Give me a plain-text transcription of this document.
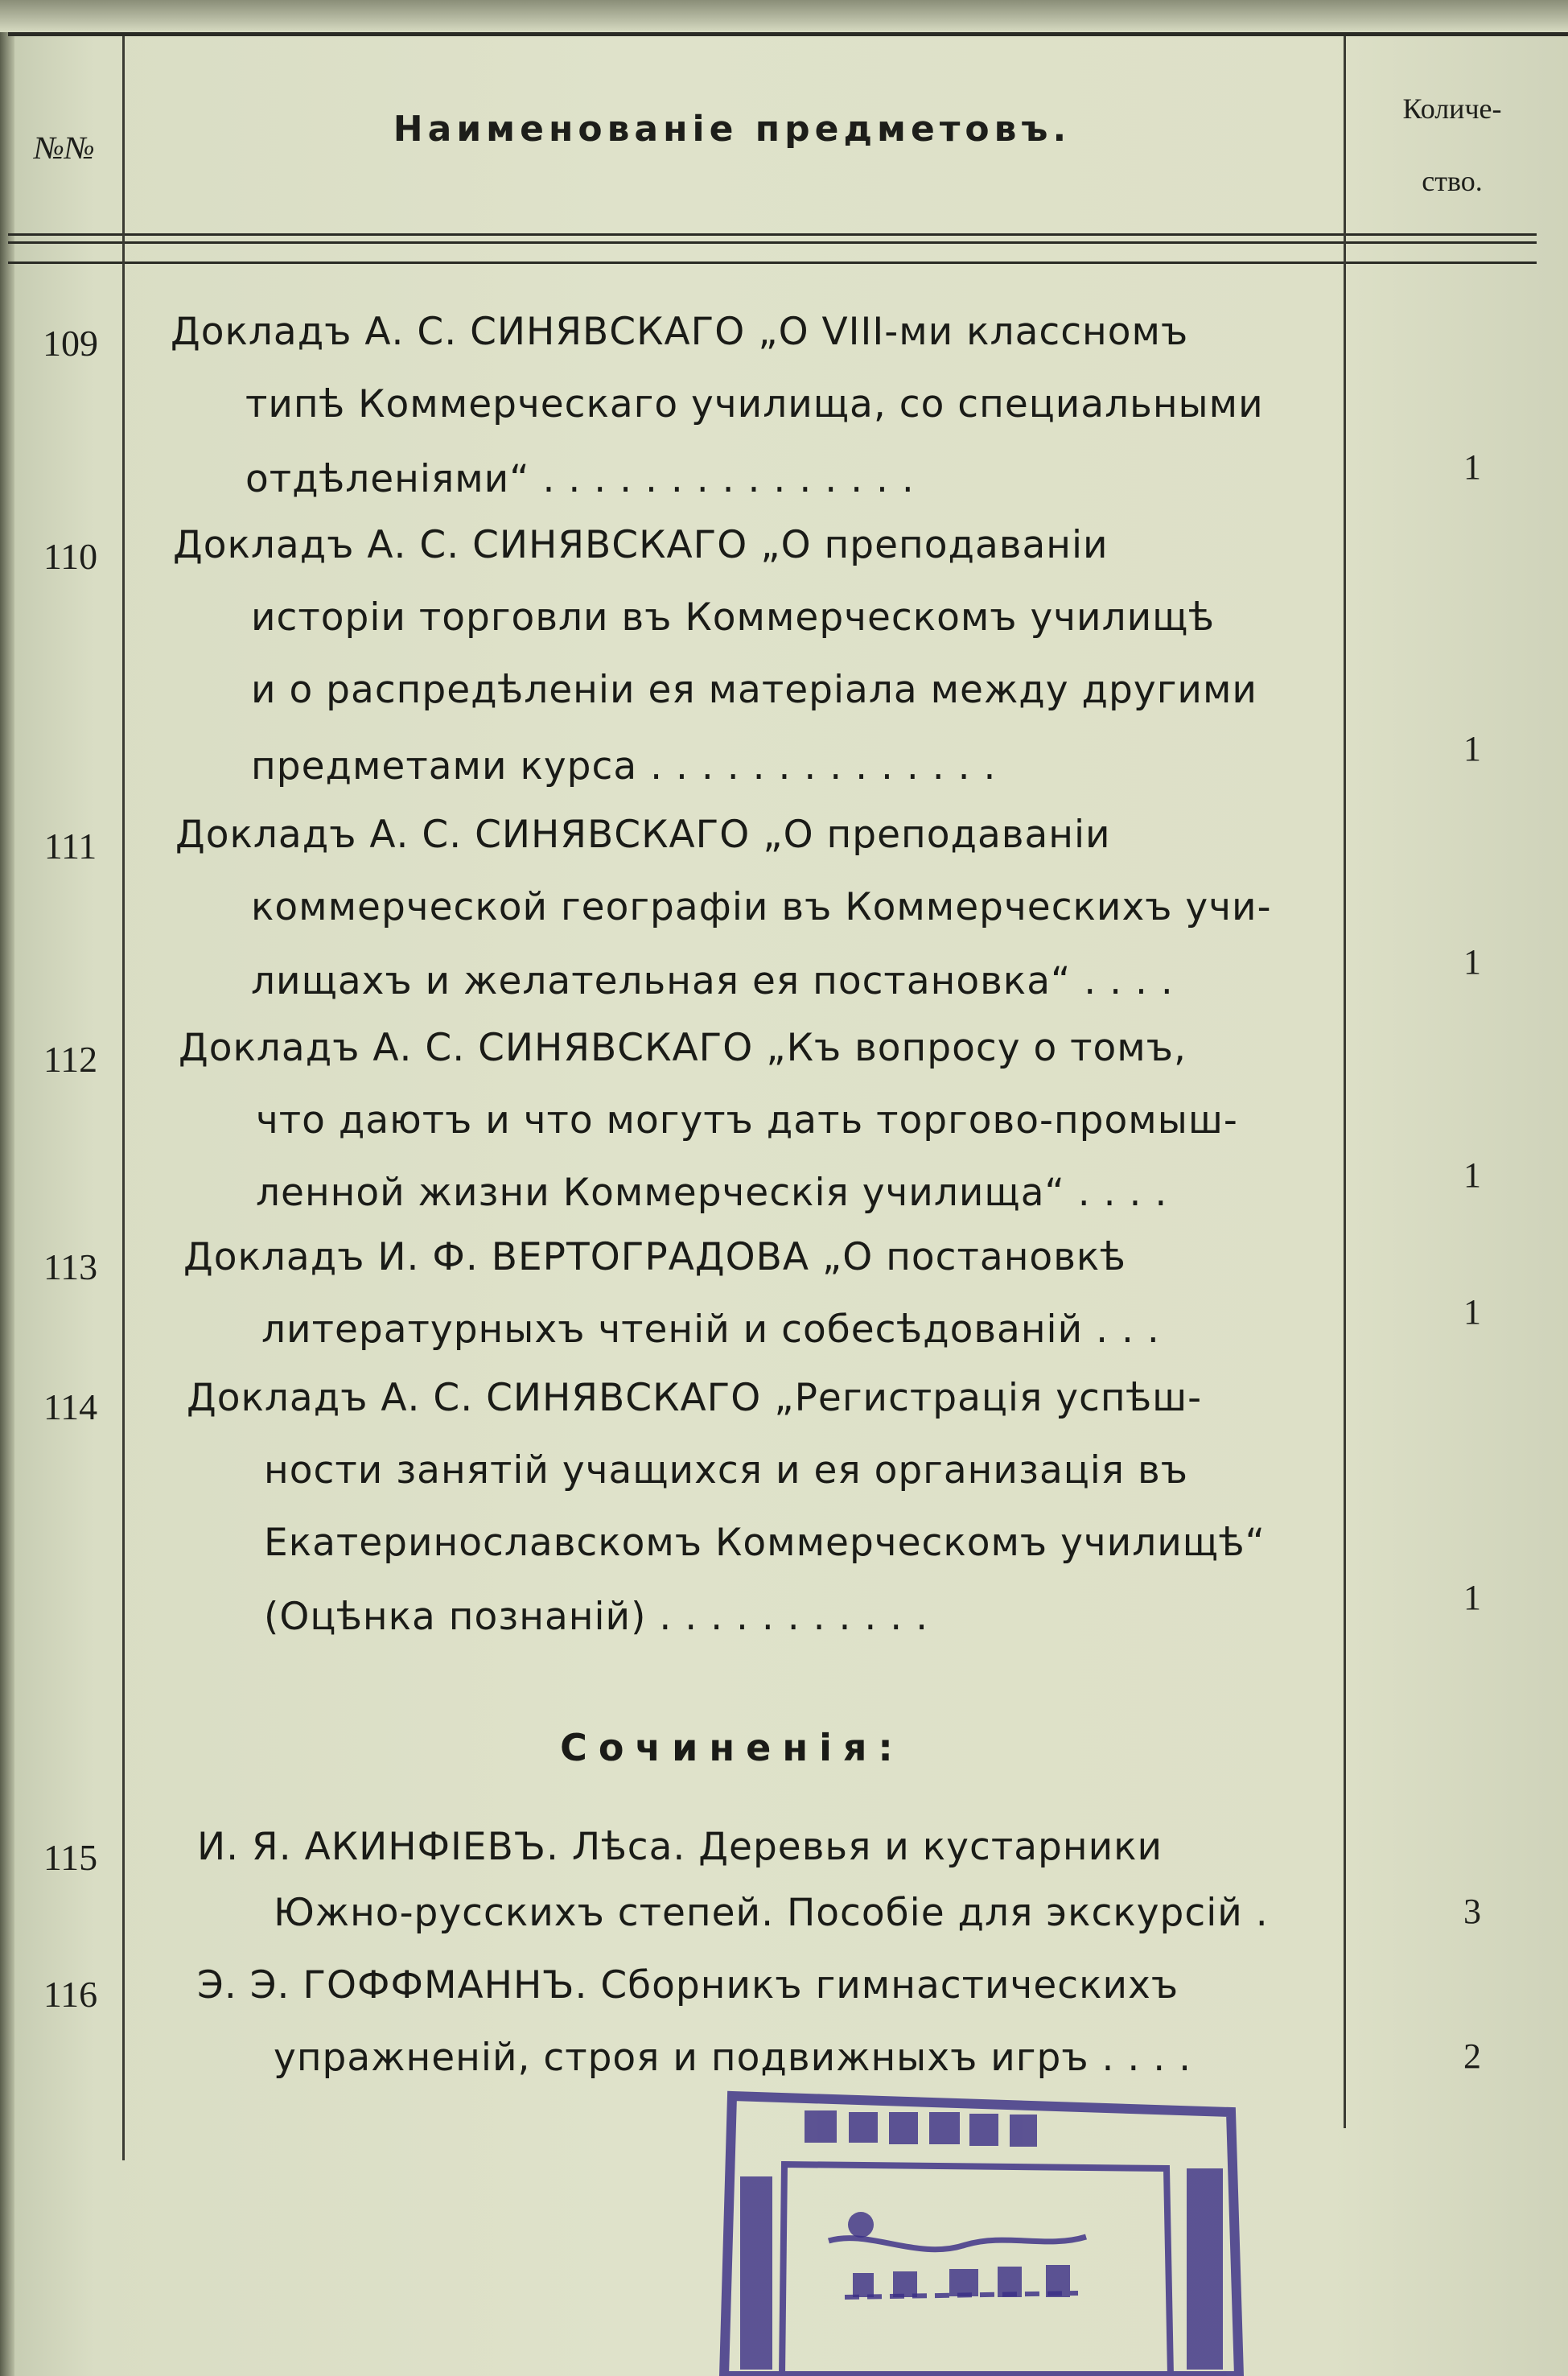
№№	Наименованіе предметовъ.	Количе-
ство.
109	Докладъ А. С. СИНЯВСКАГО „О VIII-ми классномъ
типѣ Коммерческаго училища, со специальными
отдѣленіями“ . . . . . . . . . . . . . . .	1
110	Докладъ А. С. СИНЯВСКАГО „О преподаваніи
исторіи торговли въ Коммерческомъ училищѣ
и о распредѣленіи ея матеріала между другими
предметами курса . . . . . . . . . . . . . .	1
111	Докладъ А. С. СИНЯВСКАГО „О преподаваніи
коммерческой географіи въ Коммерческихъ учи-
лищахъ и желательная ея постановка“ . . . .	1
112	Докладъ А. С. СИНЯВСКАГО „Къ вопросу о томъ,
что даютъ и что могутъ дать торгово-промыш-
ленной жизни Коммерческія училища“ . . . .	1
113	Докладъ И. Ф. ВЕРТОГРАДОВА „О постановкѣ
литературныхъ чтеній и собесѣдованій . . .	1
114	Докладъ А. С. СИНЯВСКАГО „Регистрація успѣш-
ности занятій учащихся и ея организація въ
Екатеринославскомъ Коммерческомъ училищѣ“
(Оцѣнка познаній) . . . . . . . . . . .	1
Сочиненія:
115	И. Я. АКИНФІЕВЪ. Лѣса. Деревья и кустарники
Южно-русскихъ степей. Пособіе для экскурсій .	3
116	Э. Э. ГОФФМАННЪ. Сборникъ гимнастическихъ
упражненій, строя и подвижныхъ игръ . . . .	2
